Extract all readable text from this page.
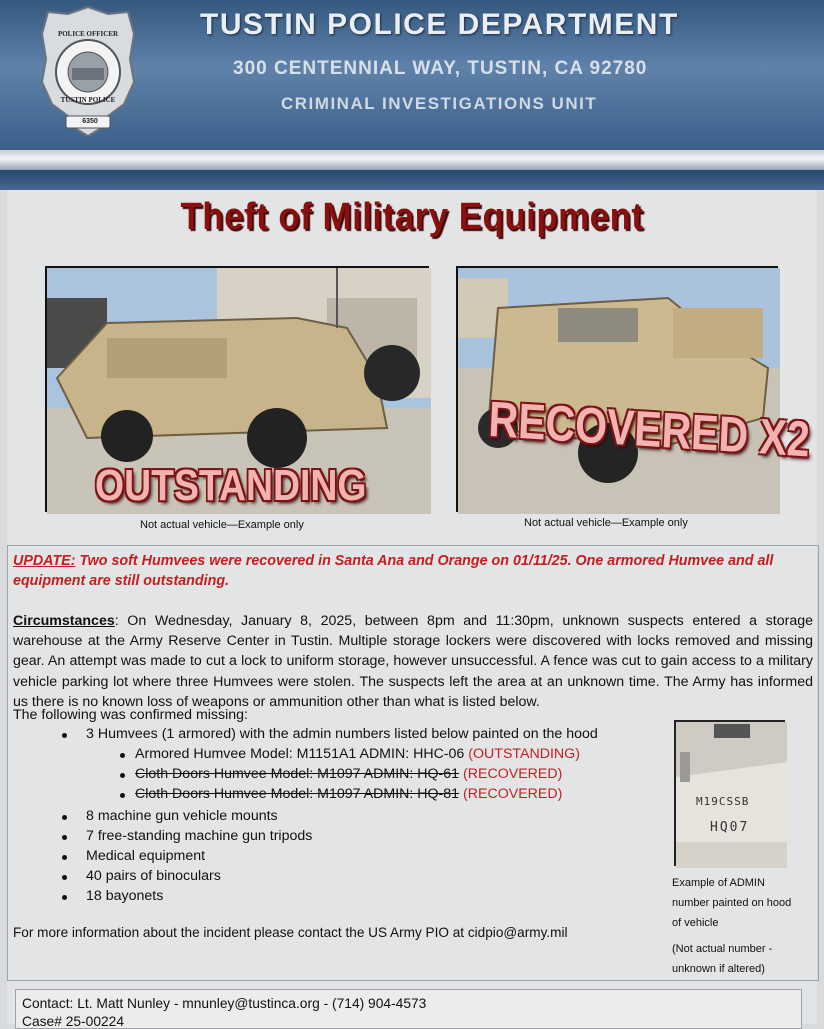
POLICE OFFICER
TUSTIN POLICE
6350
TUSTIN POLICE DEPARTMENT
300 CENTENNIAL WAY, TUSTIN, CA 92780
CRIMINAL INVESTIGATIONS UNIT
Theft of Military Equipment
OUTSTANDING
Not actual vehicle—Example only
RECOVERED X2
Not actual vehicle—Example only
UPDATE: Two soft Humvees were recovered in Santa Ana and Orange on 01/11/25. One armored Humvee and all equipment are still outstanding.
Circumstances: On Wednesday, January 8, 2025, between 8pm and 11:30pm, unknown suspects entered a storage warehouse at the Army Reserve Center in Tustin. Multiple storage lockers were discovered with locks removed and missing gear. An attempt was made to cut a lock to uniform storage, however unsuccessful. A fence was cut to gain access to a military vehicle parking lot where three Humvees were stolen. The suspects left the area at an unknown time. The Army has informed us there is no known loss of weapons or ammunition other than what is listed below.
The following was confirmed missing:
3 Humvees (1 armored) with the admin numbers listed below painted on the hood
Armored Humvee Model: M1151A1 ADMIN: HHC-06 (OUTSTANDING)
Cloth Doors Humvee Model: M1097 ADMIN: HQ-61 (RECOVERED)
Cloth Doors Humvee Model: M1097 ADMIN: HQ-81 (RECOVERED)
8 machine gun vehicle mounts
7 free-standing machine gun tripods
Medical equipment
40 pairs of binoculars
18 bayonets
M19CSSB
HQ07
Example of ADMIN number painted on hood of vehicle
(Not actual number - unknown if altered)
For more information about the incident please contact the US Army PIO at cidpio@army.mil
Contact: Lt. Matt Nunley - mnunley@tustinca.org - (714) 904-4573
Case# 25-00224
